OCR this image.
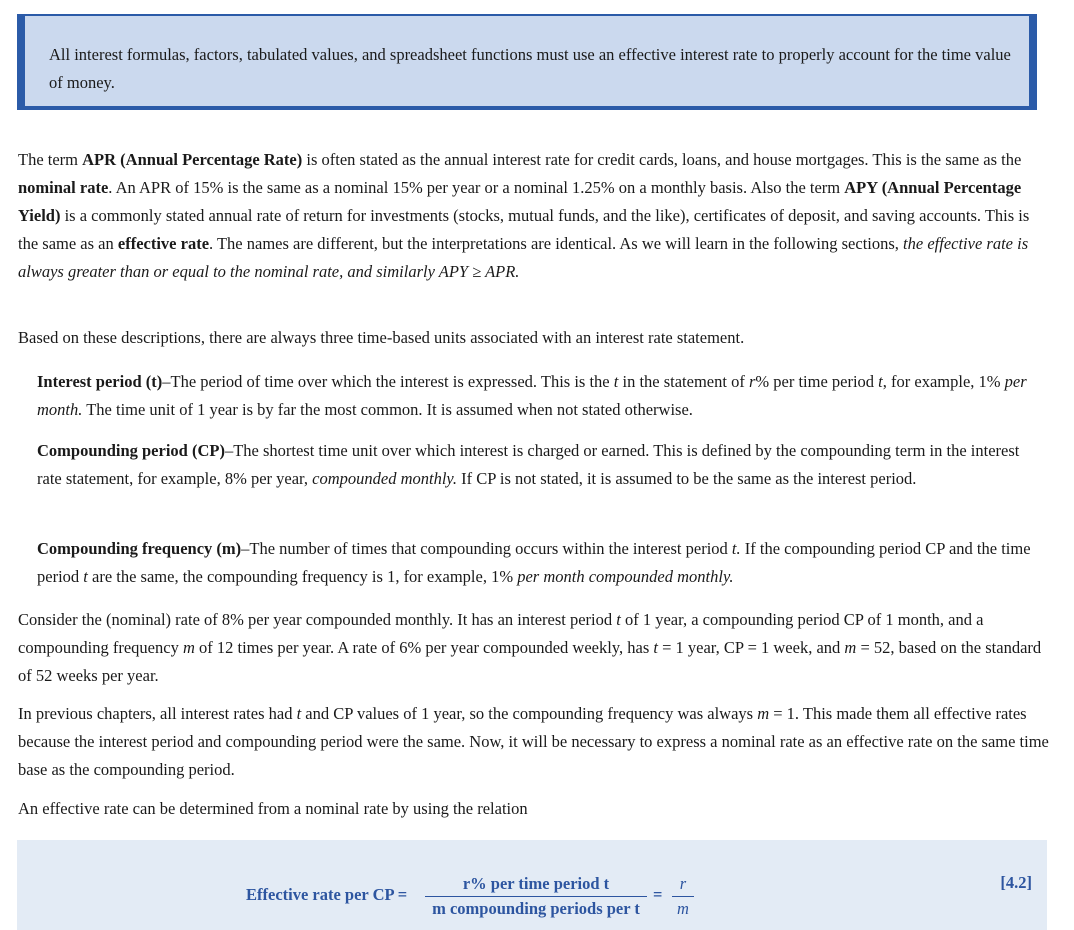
All interest formulas, factors, tabulated values, and spreadsheet functions must use an effective interest rate to properly account for the time value of money.

The term APR (Annual Percentage Rate) is often stated as the annual interest rate for credit cards, loans, and house mortgages. This is the same as the nominal rate. An APR of 15% is the same as a nominal 15% per year or a nominal 1.25% on a monthly basis. Also the term APY (Annual Percentage Yield) is a commonly stated annual rate of return for investments (stocks, mutual funds, and the like), certificates of deposit, and saving accounts. This is the same as an effective rate. The names are different, but the interpretations are identical. As we will learn in the following sections, the effective rate is always greater than or equal to the nominal rate, and similarly APY ≥ APR.

Based on these descriptions, there are always three time-based units associated with an interest rate statement.

Interest period (t)–The period of time over which the interest is expressed. This is the t in the statement of r% per time period t, for example, 1% per month. The time unit of 1 year is by far the most common. It is assumed when not stated otherwise.

Compounding period (CP)–The shortest time unit over which interest is charged or earned. This is defined by the compounding term in the interest rate statement, for example, 8% per year, compounded monthly. If CP is not stated, it is assumed to be the same as the interest period.

Compounding frequency (m)–The number of times that compounding occurs within the interest period t. If the compounding period CP and the time period t are the same, the compounding frequency is 1, for example, 1% per month compounded monthly.

Consider the (nominal) rate of 8% per year compounded monthly. It has an interest period t of 1 year, a compounding period CP of 1 month, and a compounding frequency m of 12 times per year. A rate of 6% per year compounded weekly, has t = 1 year, CP = 1 week, and m = 52, based on the standard of 52 weeks per year.

In previous chapters, all interest rates had t and CP values of 1 year, so the compounding frequency was always m = 1. This made them all effective rates because the interest period and compounding period were the same. Now, it will be necessary to express a nominal rate as an effective rate on the same time base as the compounding period.

An effective rate can be determined from a nominal rate by using the relation

Effective rate per CP =
r% per time period t
m compounding periods per t
=
r
m
[4.2]
